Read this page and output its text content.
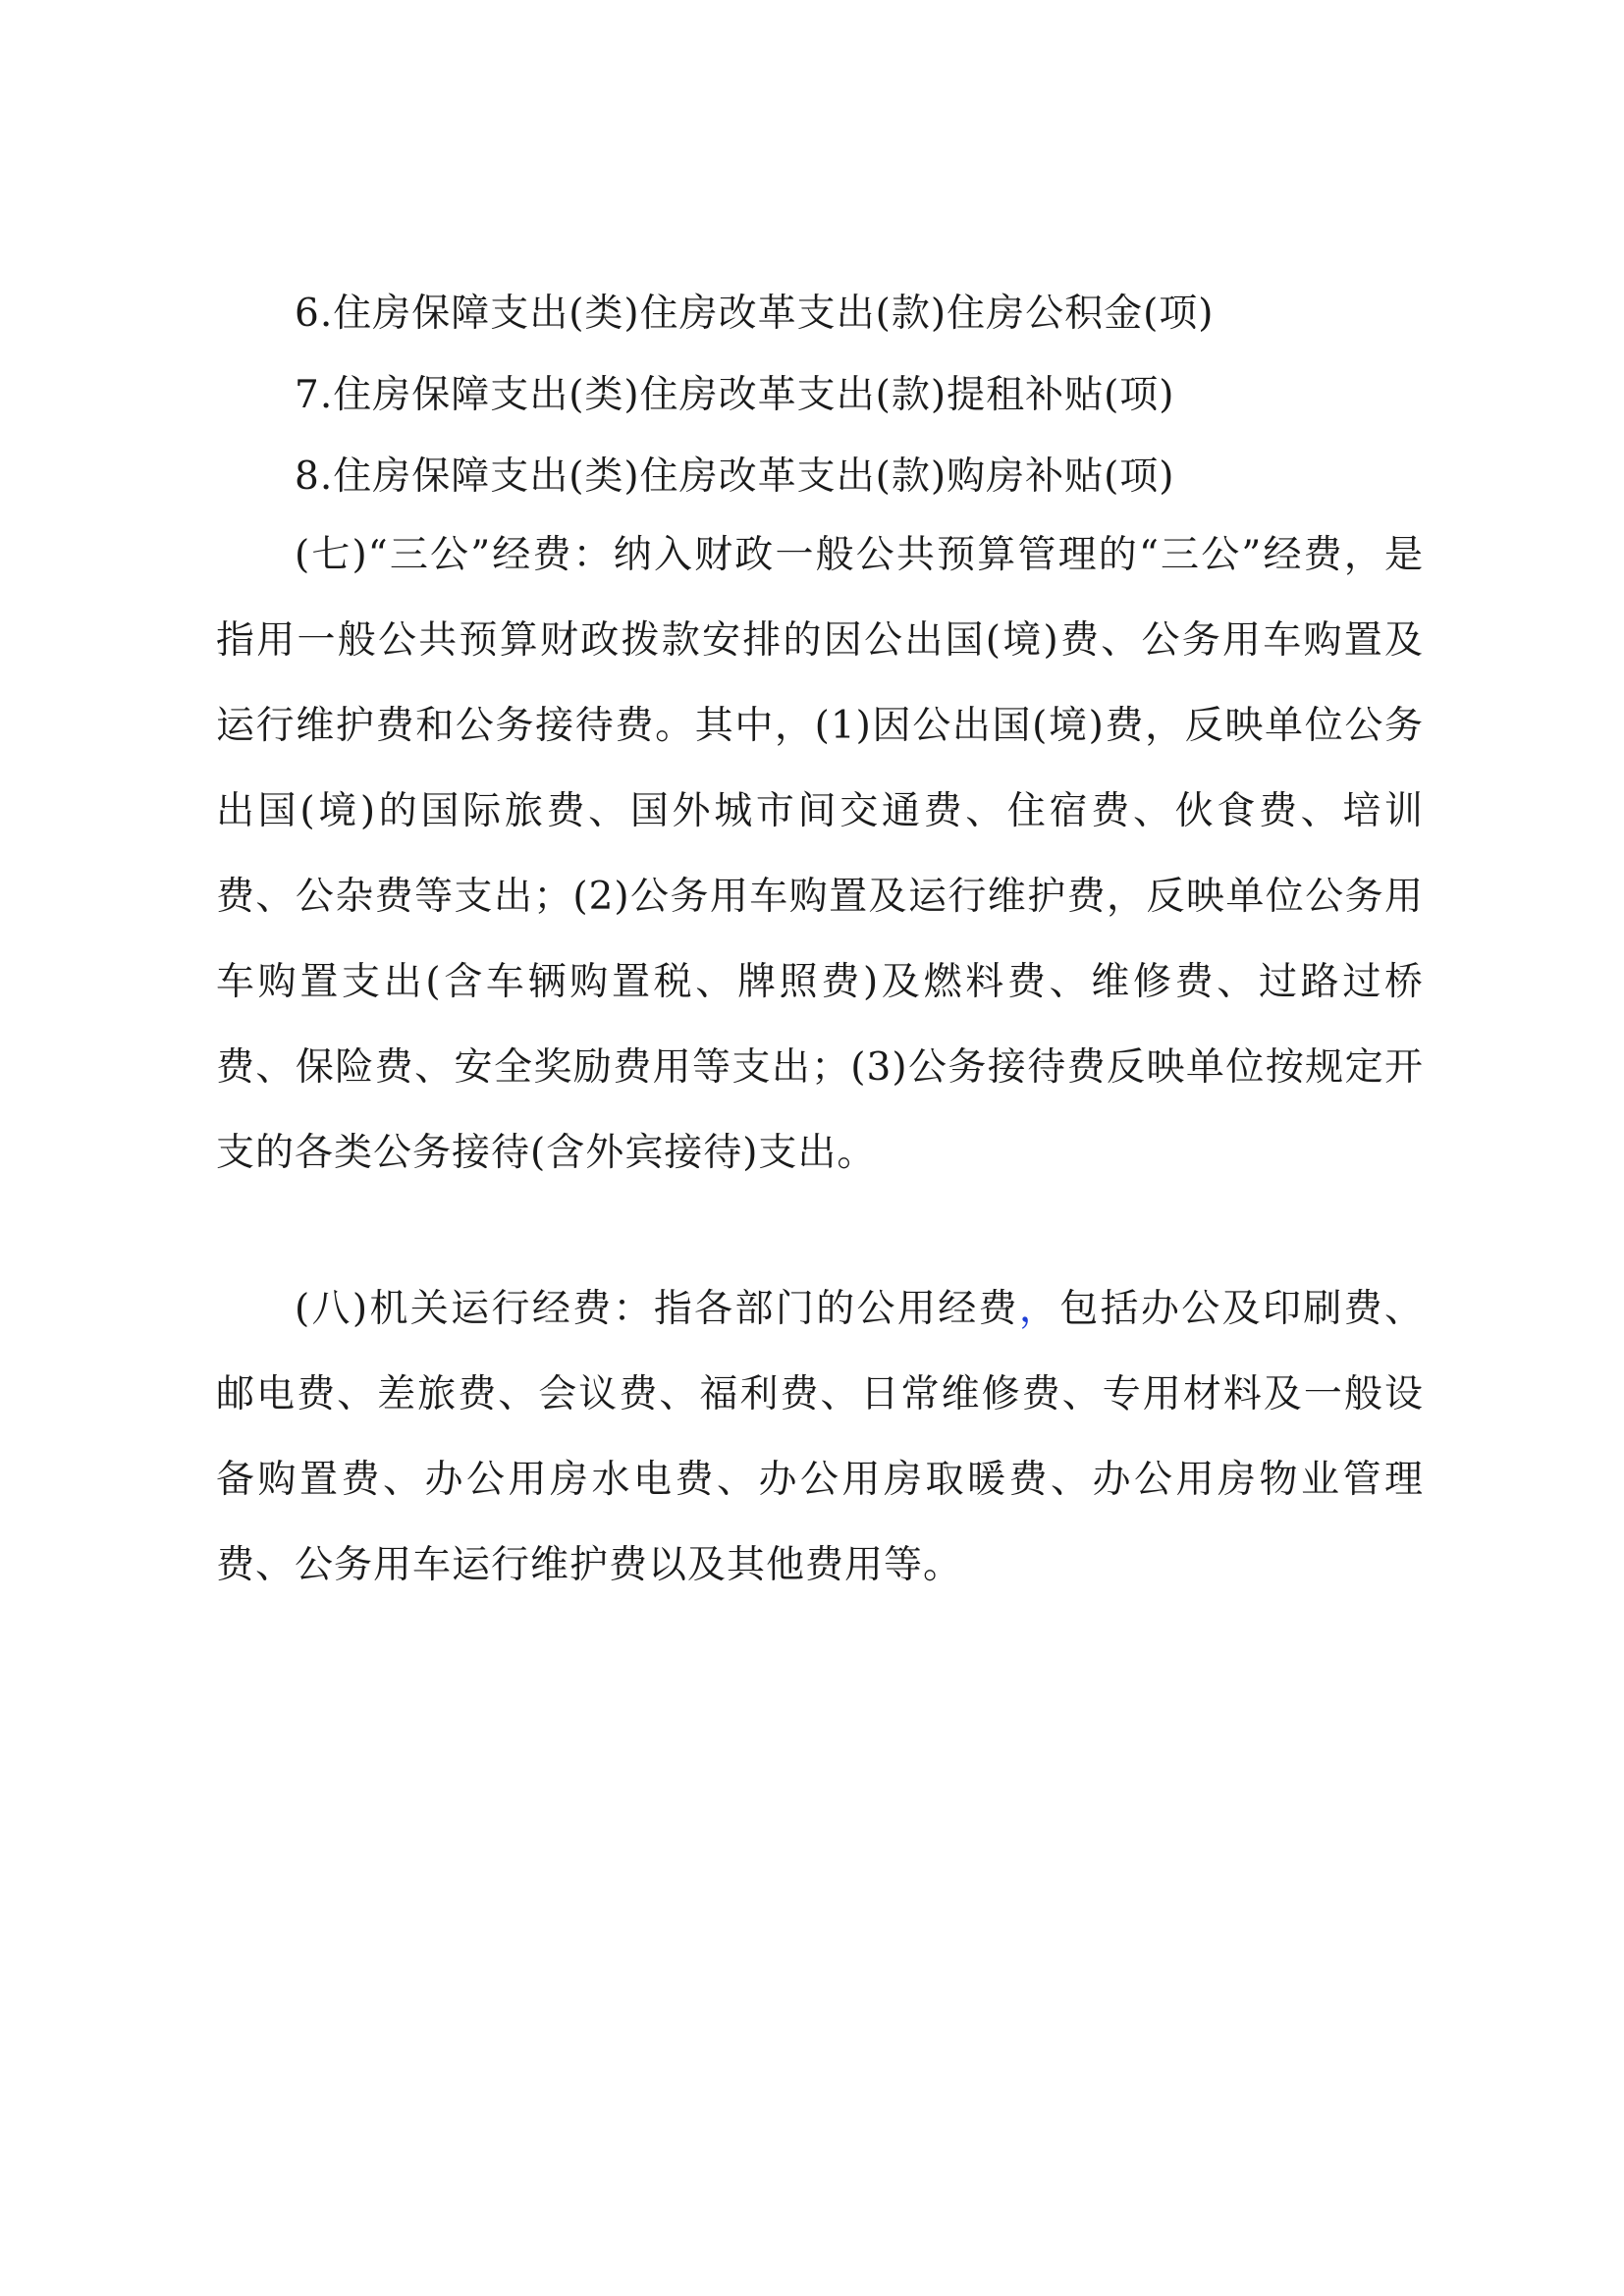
6.住房保障支出(类)住房改革支出(款)住房公积金(项)
7.住房保障支出(类)住房改革支出(款)提租补贴(项)
8.住房保障支出(类)住房改革支出(款)购房补贴(项)
(七)“三公”经费：纳入财政一般公共预算管理的“三公”经费，是指用一般公共预算财政拨款安排的因公出国(境)费、公务用车购置及运行维护费和公务接待费。其中，(1)因公出国(境)费，反映单位公务出国(境)的国际旅费、国外城市间交通费、住宿费、伙食费、培训费、公杂费等支出；(2)公务用车购置及运行维护费，反映单位公务用车购置支出(含车辆购置税、牌照费)及燃料费、维修费、过路过桥费、保险费、安全奖励费用等支出；(3)公务接待费反映单位按规定开支的各类公务接待(含外宾接待)支出。
(八)机关运行经费：指各部门的公用经费，包括办公及印刷费、邮电费、差旅费、会议费、福利费、日常维修费、专用材料及一般设备购置费、办公用房水电费、办公用房取暖费、办公用房物业管理费、公务用车运行维护费以及其他费用等。
